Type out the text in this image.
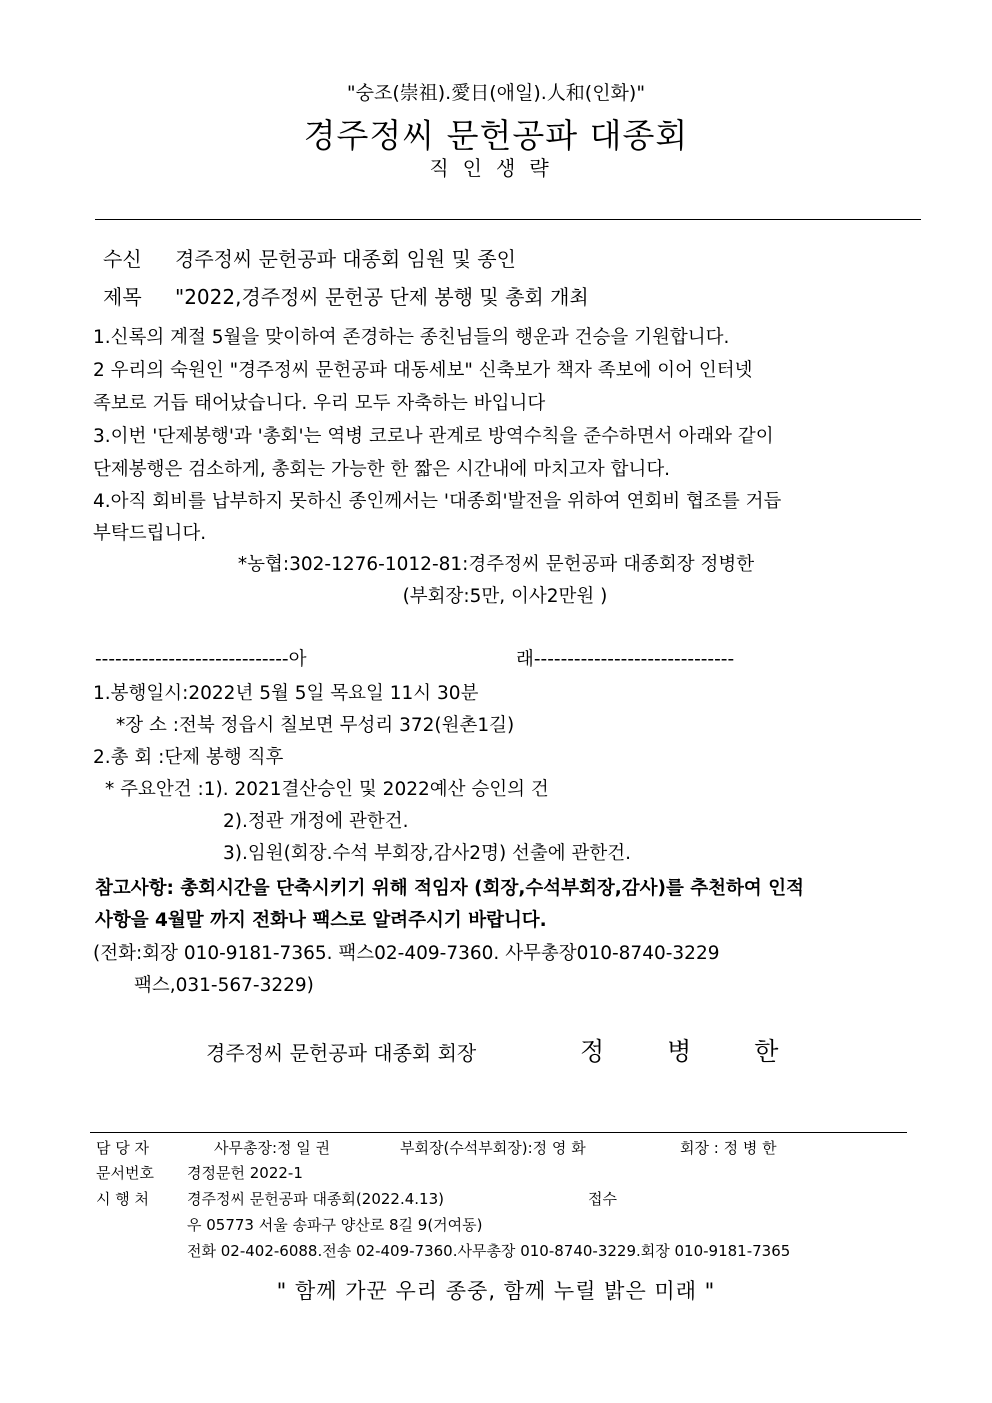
"숭조(崇祖).愛日(애일).人和(인화)"
경주정씨 문헌공파 대종회
직인생략
수신 경주정씨 문헌공파 대종회 임원 및 종인
제목 "2022,경주정씨 문헌공 단제 봉행 및 총회 개최
1.신록의 계절 5월을 맞이하여 존경하는 종친님들의 행운과 건승을 기원합니다.
2 우리의 숙원인 "경주정씨 문헌공파 대동세보" 신축보가 책자 족보에 이어 인터넷
족보로 거듭 태어났습니다. 우리 모두 자축하는 바입니다
3.이번 '단제봉행'과 '총회'는 역병 코로나 관계로 방역수칙을 준수하면서 아래와 같이
단제봉행은 검소하게, 총회는 가능한 한 짧은 시간내에 마치고자 합니다.
4.아직 회비를 납부하지 못하신 종인께서는 '대종회'발전을 위하여 연회비 협조를 거듭
부탁드립니다.
*농협:302-1276-1012-81:경주정씨 문헌공파 대종회장 정병한
(부회장:5만, 이사2만원 )
-----------------------------아	래------------------------------
1.봉행일시:2022년 5월 5일 목요일 11시 30분
*장 소 :전북 정읍시 칠보면 무성리 372(원촌1길)
2.총 회 :단제 봉행 직후
* 주요안건 :1). 2021결산승인 및 2022예산 승인의 건
2).정관 개정에 관한건.
3).임원(회장.수석 부회장,감사2명) 선출에 관한건.
참고사항: 총회시간을 단축시키기 위해 적임자 (회장,수석부회장,감사)를 추천하여 인적
사항을 4월말 까지 전화나 팩스로 알려주시기 바랍니다.
(전화:회장 010-9181-7365. 팩스02-409-7360. 사무총장010-8740-3229
팩스,031-567-3229)
경주정씨 문헌공파 대종회 회장	정	병	한
담 당 자	사무총장:정 일 권	부회장(수석부회장):정 영 화	회장 : 정 병 한
문서번호 경정문헌 2022-1
시 행 처	경주정씨 문헌공파 대종회(2022.4.13)	접수
우 05773 서울 송파구 양산로 8길 9(거여동)
전화 02-402-6088.전송 02-409-7360.사무총장 010-8740-3229.회장 010-9181-7365
" 함께 가꾼 우리 종중, 함께 누릴 밝은 미래 "
